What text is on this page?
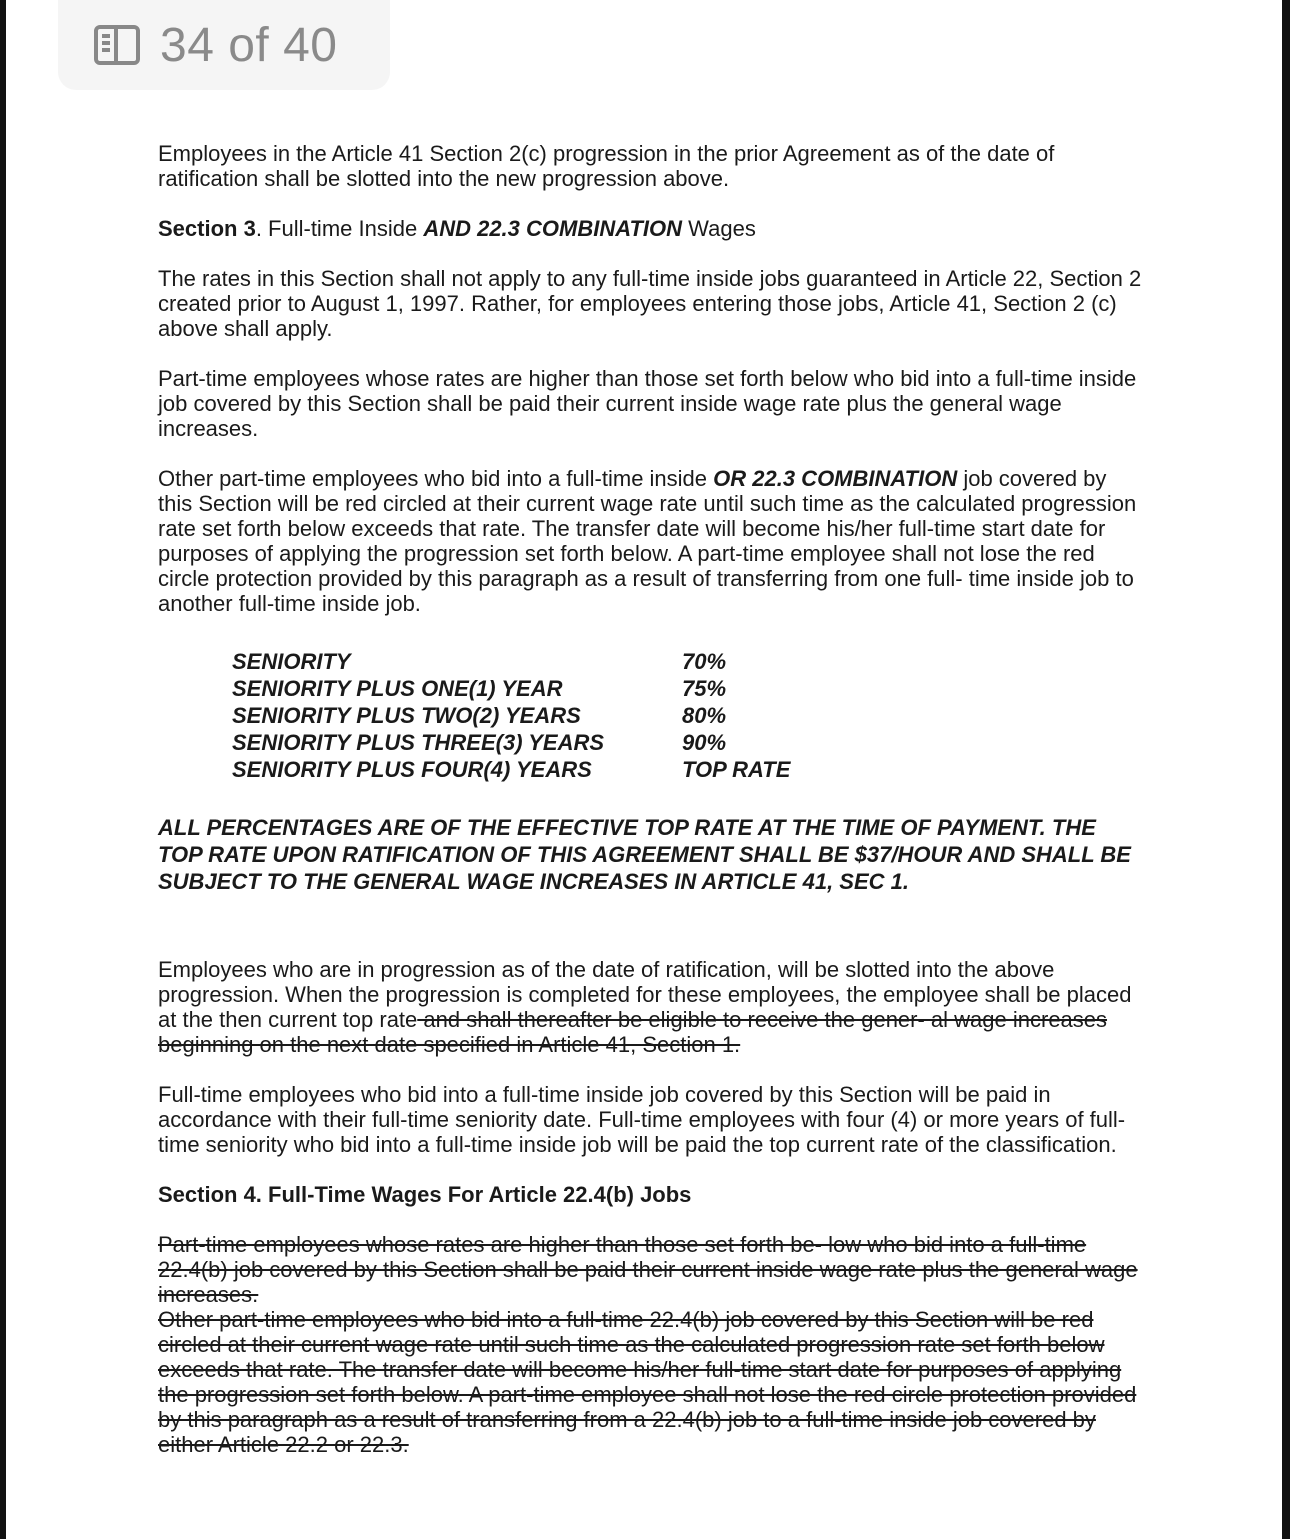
34 of 40

Employees in the Article 41 Section 2(c) progression in the prior Agreement as of the date of ratification shall be slotted into the new progression above.

Section 3. Full-time Inside AND 22.3 COMBINATION Wages

The rates in this Section shall not apply to any full-time inside jobs guaranteed in Article 22, Section 2 created prior to August 1, 1997. Rather, for employees entering those jobs, Article 41, Section 2 (c) above shall apply.

Part-time employees whose rates are higher than those set forth below who bid into a full-time inside job covered by this Section shall be paid their current inside wage rate plus the general wage increases.

Other part-time employees who bid into a full-time inside OR 22.3 COMBINATION job covered by this Section will be red circled at their current wage rate until such time as the calculated progression rate set forth below exceeds that rate. The transfer date will become his/her full-time start date for purposes of applying the progression set forth below. A part-time employee shall not lose the red circle protection provided by this paragraph as a result of transferring from one full- time inside job to another full-time inside job.

SENIORITY	70%
SENIORITY PLUS ONE(1) YEAR	75%
SENIORITY PLUS TWO(2) YEARS	80%
SENIORITY PLUS THREE(3) YEARS	90%
SENIORITY PLUS FOUR(4) YEARS	TOP RATE

ALL PERCENTAGES ARE OF THE EFFECTIVE TOP RATE AT THE TIME OF PAYMENT. THE TOP RATE UPON RATIFICATION OF THIS AGREEMENT SHALL BE $37/HOUR AND SHALL BE SUBJECT TO THE GENERAL WAGE INCREASES IN ARTICLE 41, SEC 1.

Employees who are in progression as of the date of ratification, will be slotted into the above progression. When the progression is completed for these employees, the employee shall be placed at the then current top rate and shall thereafter be eligible to receive the gener- al wage increases beginning on the next date specified in Article 41, Section 1.

Full-time employees who bid into a full-time inside job covered by this Section will be paid in accordance with their full-time seniority date. Full-time employees with four (4) or more years of full-time seniority who bid into a full-time inside job will be paid the top current rate of the classification.

Section 4. Full-Time Wages For Article 22.4(b) Jobs

Part-time employees whose rates are higher than those set forth be- low who bid into a full-time 22.4(b) job covered by this Section shall be paid their current inside wage rate plus the general wage increases.

Other part-time employees who bid into a full-time 22.4(b) job covered by this Section will be red circled at their current wage rate until such time as the calculated progression rate set forth below exceeds that rate. The transfer date will become his/her full-time start date for purposes of applying the progression set forth below. A part-time employee shall not lose the red circle protection provided by this paragraph as a result of transferring from a 22.4(b) job to a full-time inside job covered by either Article 22.2 or 22.3.
